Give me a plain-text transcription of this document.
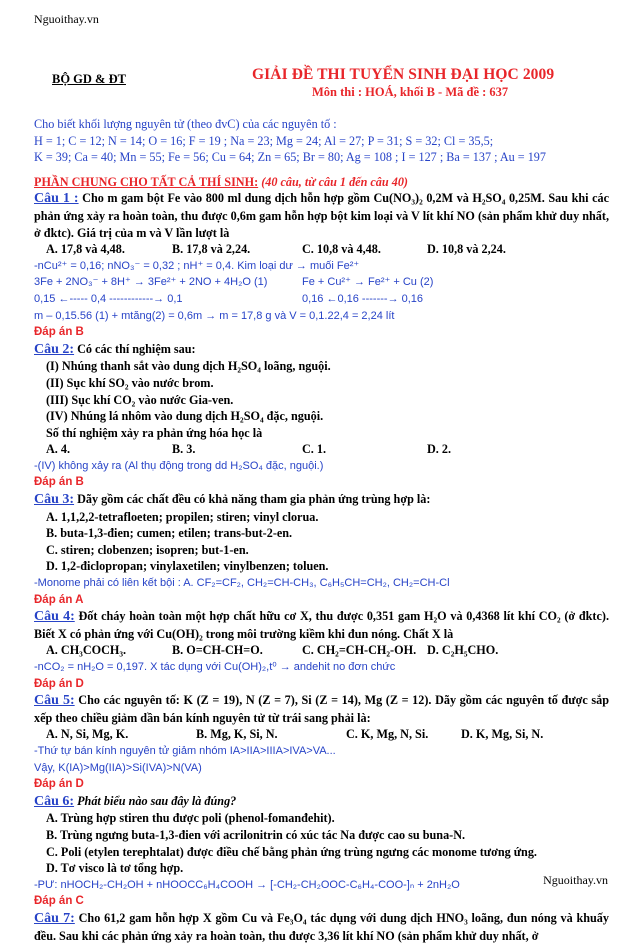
Nguoithay.vn
BỘ GD & ĐT	GIẢI ĐỀ THI TUYỂN SINH ĐẠI HỌC 2009
Môn thi : HOÁ, khối B - Mã đề : 637

Cho biết khối lượng nguyên tử (theo đvC) của các nguyên tố :

H = 1; C = 12; N = 14; O = 16; F = 19 ; Na = 23; Mg = 24; Al = 27; P = 31; S = 32; Cl = 35,5;

K = 39; Ca = 40; Mn = 55; Fe = 56; Cu = 64; Zn = 65; Br = 80; Ag = 108 ; I = 127 ; Ba = 137 ; Au = 197

PHẦN CHUNG CHO TẤT CẢ THÍ SINH: (40 câu, từ câu 1 đến câu 40)

Câu 1 : Cho m gam bột Fe vào 800 ml dung dịch hỗn hợp gồm Cu(NO₃)₂ 0,2M và H₂SO₄ 0,25M. Sau khi các phản ứng xảy ra hoàn toàn, thu được 0,6m gam hỗn hợp bột kim loại và V lít khí NO (sản phẩm khử duy nhất, ở đktc). Giá trị của m và V lần lượt là

A. 17,8 và 4,48.	B. 17,8 và 2,24.	C. 10,8 và 4,48.	D. 10,8 và 2,24.
-nCu²⁺ = 0,16; nNO₃⁻ = 0,32 ; nH⁺ = 0,4. Kim loại dư → muối Fe²⁺
3Fe + 2NO₃⁻ + 8H⁺ → 3Fe²⁺ + 2NO + 4H₂O (1)	Fe + Cu²⁺ → Fe²⁺ + Cu (2)
0,15 ←----- 0,4 ------------→ 0,1	0,16 ←0,16 -------→ 0,16
m – 0,15.56 (1) + mtăng(2) = 0,6m → m = 17,8 g và V = 0,1.22,4 = 2,24 lít
Đáp án B

Câu 2: Có các thí nghiệm sau:

(I) Nhúng thanh sắt vào dung dịch H₂SO₄ loãng, nguội.
(II) Sục khí SO₂ vào nước brom.
(III) Sục khí CO₂ vào nước Gia-ven.
(IV) Nhúng lá nhôm vào dung dịch H₂SO₄ đặc, nguội.
Số thí nghiệm xảy ra phản ứng hóa học là
A. 4.	B. 3.	C. 1.	D. 2.
-(IV) không xảy ra (Al thụ động trong dd H₂SO₄ đặc, nguội.)
Đáp án B

Câu 3: Dãy gồm các chất đều có khả năng tham gia phản ứng trùng hợp là:

A. 1,1,2,2-tetrafloeten; propilen; stiren; vinyl clorua.
B. buta-1,3-đien; cumen; etilen; trans-but-2-en.
C. stiren; clobenzen; isopren; but-1-en.
D. 1,2-điclopropan; vinylaxetilen; vinylbenzen; toluen.
-Monome phải có liên kết bội : A. CF₂=CF₂, CH₂=CH-CH₃, C₆H₅CH=CH₂, CH₂=CH-Cl
Đáp án A

Câu 4: Đốt cháy hoàn toàn một hợp chất hữu cơ X, thu được 0,351 gam H₂O và 0,4368 lít khí CO₂ (ở đktc). Biết X có phản ứng với Cu(OH)₂ trong môi trường kiềm khi đun nóng. Chất X là

A. CH₃COCH₃.	B. O=CH-CH=O.	C. CH₂=CH-CH₂-OH. D. C₂H₅CHO.
-nCO₂ = nH₂O = 0,197. X tác dụng với Cu(OH)₂,t⁰ → andehit no đơn chức
Đáp án D

Câu 5: Cho các nguyên tố: K (Z = 19), N (Z = 7), Si (Z = 14), Mg (Z = 12). Dãy gồm các nguyên tố được sắp xếp theo chiều giảm dần bán kính nguyên tử từ trái sang phải là:

A. N, Si, Mg, K.	B. Mg, K, Si, N.	C. K, Mg, N, Si.	D. K, Mg, Si, N.
-Thứ tự bán kính nguyên tử giảm nhóm IA>IIA>IIIA>IVA>VA...
Vậy, K(IA)>Mg(IIA)>Si(IVA)>N(VA)
Đáp án D

Câu 6: Phát biểu nào sau đây là đúng?

A. Trùng hợp stiren thu được poli (phenol-fomanđehit).
B. Trùng ngưng buta-1,3-đien với acrilonitrin có xúc tác Na được cao su buna-N.
C. Poli (etylen terephtalat) được điều chế bằng phản ứng trùng ngưng các monome tương ứng.
D. Tơ visco là tơ tổng hợp.
-PƯ: nHOCH₂-CH₂OH + nHOOCC₆H₄COOH → [-CH₂-CH₂OOC-C₆H₄-COO-]ₙ + 2nH₂O
Đáp án C

Câu 7: Cho 61,2 gam hỗn hợp X gồm Cu và Fe₃O₄ tác dụng với dung dịch HNO₃ loãng, đun nóng và khuấy đều. Sau khi các phản ứng xảy ra hoàn toàn, thu được 3,36 lít khí NO (sản phẩm khử duy nhất, ở

Nguoithay.vn
